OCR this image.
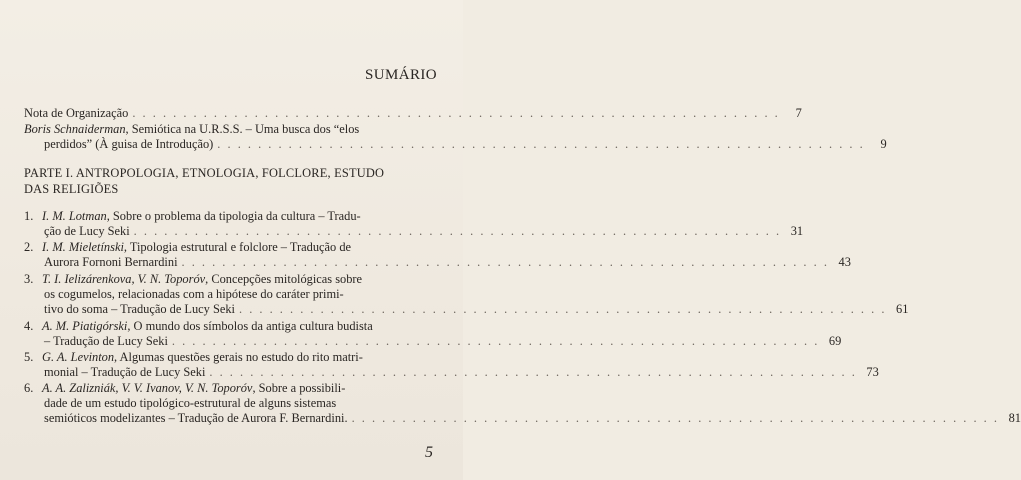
SUMÁRIO
Nota de Organização . . .	7
Boris Schnaiderman, Semiótica na U.R.S.S. – Uma busca dos “elos
perdidos” (À guisa de Introdução) . . .	9
PARTE I. ANTROPOLOGIA, ETNOLOGIA, FOLCLORE, ESTUDO
DAS RELIGIÕES
1. I. M. Lotman, Sobre o problema da tipologia da cultura – Tradu-
ção de Lucy Seki . . .	31
2. I. M. Mieletínski, Tipologia estrutural e folclore – Tradução de
Aurora Fornoni Bernardini . . .	43
3. T. I. Ielizárenkova, V. N. Toporóv, Concepções mitológicas sobre
os cogumelos, relacionadas com a hipótese do caráter primi-
tivo do soma – Tradução de Lucy Seki . . .	61
4. A. M. Piatigórski, O mundo dos símbolos da antiga cultura budista
– Tradução de Lucy Seki . . .	69
5. G. A. Levinton, Algumas questões gerais no estudo do rito matri-
monial – Tradução de Lucy Seki . . .	73
6. A. A. Zalizniák, V. V. Ivanov, V. N. Toporóv, Sobre a possibili-
dade de um estudo tipológico-estrutural de alguns sistemas
semióticos modelizantes – Tradução de Aurora F. Bernardini. . . .	81
5
